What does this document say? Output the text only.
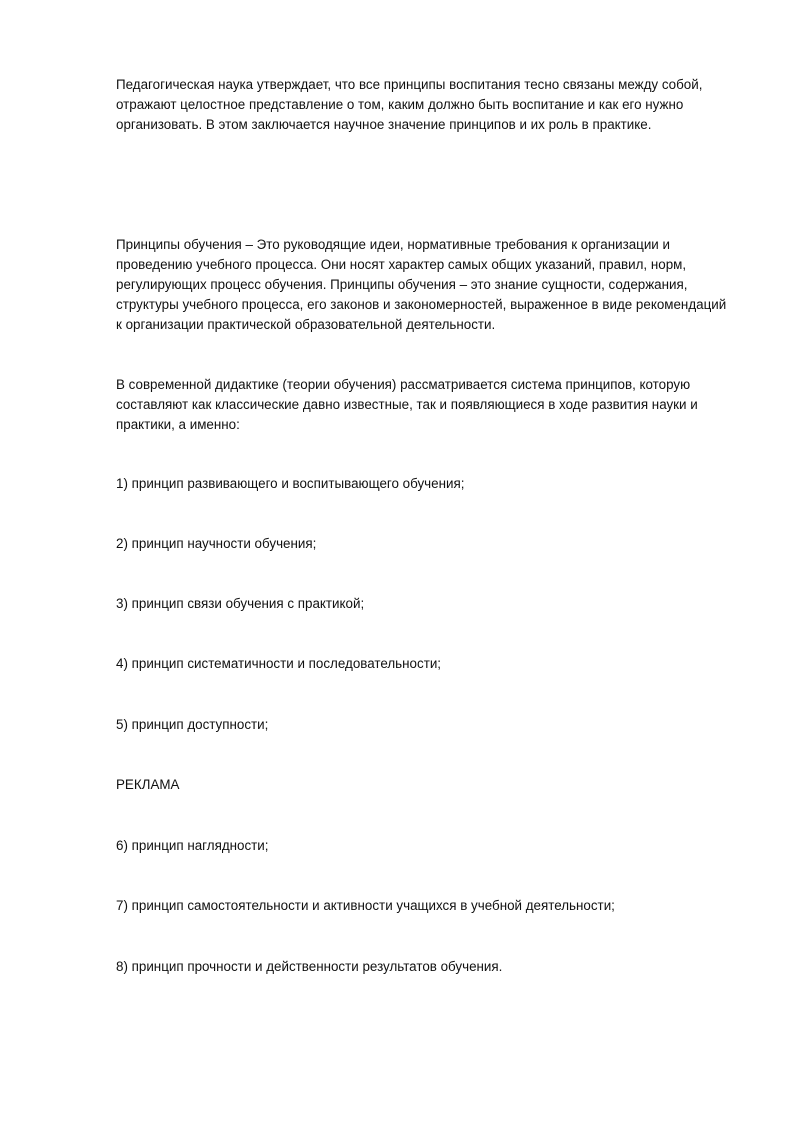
Педагогическая наука утверждает, что все принципы воспитания тесно связаны между собой,
отражают целостное представление о том, каким должно быть воспитание и как его нужно
организовать. В этом заключается научное значение принципов и их роль в практике.

Принципы обучения – Это руководящие идеи, нормативные требования к организации и
проведению учебного процесса. Они носят характер самых общих указаний, правил, норм,
регулирующих процесс обучения. Принципы обучения – это знание сущности, содержания,
структуры учебного процесса, его законов и закономерностей, выраженное в виде рекомендаций
к организации практической образовательной деятельности.

В современной дидактике (теории обучения) рассматривается система принципов, которую
составляют как классические давно известные, так и появляющиеся в ходе развития науки и
практики, а именно:

1) принцип развивающего и воспитывающего обучения;

2) принцип научности обучения;

3) принцип связи обучения с практикой;

4) принцип систематичности и последовательности;

5) принцип доступности;

РЕКЛАМА

6) принцип наглядности;

7) принцип самостоятельности и активности учащихся в учебной деятельности;

8) принцип прочности и действенности результатов обучения.
